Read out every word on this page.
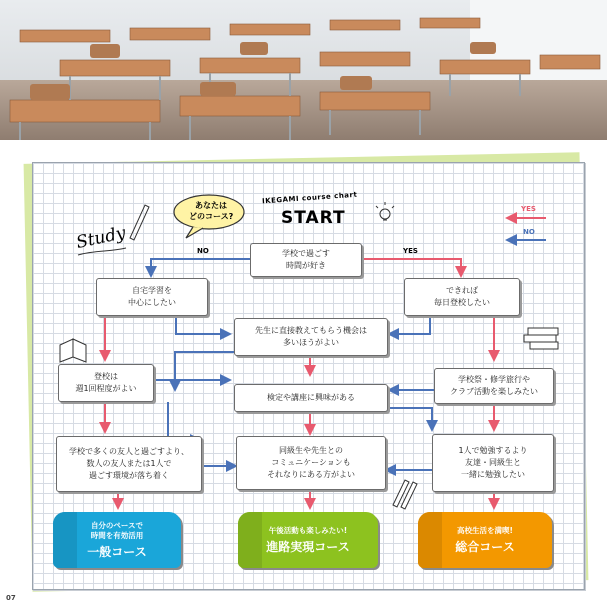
あなたは
どのコース?
IKEGAMI course chart
START
Study
YES
NO
NO	YES
学校で過ごす
時間が好き
自宅学習を
中心にしたい
できれば
毎日登校したい
先生に直接教えてもらう機会は
多いほうがよい
登校は
週1回程度がよい
学校祭・修学旅行や
クラブ活動を楽しみたい
検定や講座に興味がある
学校で多くの友人と過ごすより、
数人の友人または1人で
過ごす環境が落ち着く
同級生や先生との
コミュニケーションも
それなりにある方がよい
1人で勉強するより
友達・同級生と
一緒に勉強したい
自分のペースで
時間を有効活用
一般コース
午後活動も楽しみたい!
進路実現コース
高校生活を満喫!
総合コース
07
